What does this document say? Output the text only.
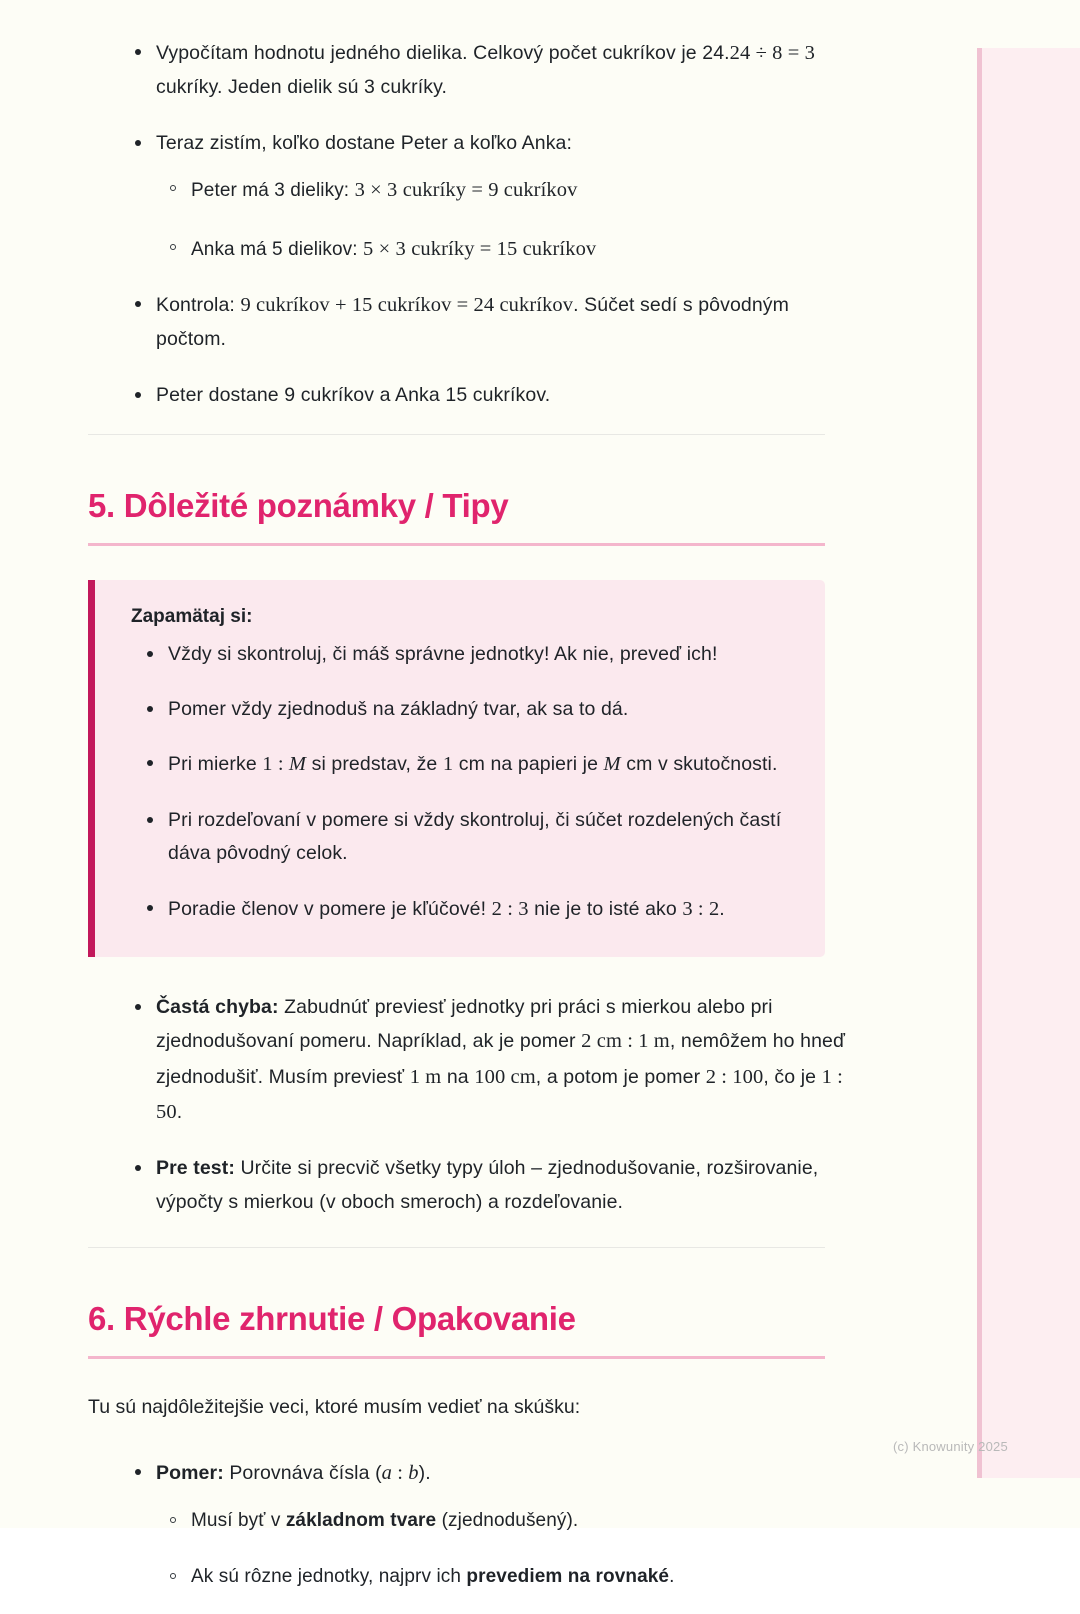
Vypočítam hodnotu jedného dielika. Celkový počet cukríkov je 24.24 ÷ 8 = 3 cukríky. Jeden dielik sú 3 cukríky.
Teraz zistím, koľko dostane Peter a koľko Anka:
Peter má 3 dieliky: 3 × 3 cukríky = 9 cukríkov
Anka má 5 dielikov: 5 × 3 cukríky = 15 cukríkov
Kontrola: 9 cukríkov + 15 cukríkov = 24 cukríkov. Súčet sedí s pôvodným počtom.
Peter dostane 9 cukríkov a Anka 15 cukríkov.
5. Dôležité poznámky / Tipy
Zapamätaj si:
Vždy si skontroluj, či máš správne jednotky! Ak nie, preveď ich!
Pomer vždy zjednoduš na základný tvar, ak sa to dá.
Pri mierke 1 : M si predstav, že 1 cm na papieri je M cm v skutočnosti.
Pri rozdeľovaní v pomere si vždy skontroluj, či súčet rozdelených častí dáva pôvodný celok.
Poradie členov v pomere je kľúčové! 2 : 3 nie je to isté ako 3 : 2.
Častá chyba: Zabudnúť previesť jednotky pri práci s mierkou alebo pri zjednodušovaní pomeru. Napríklad, ak je pomer 2 cm : 1 m, nemôžem ho hneď zjednodušiť. Musím previesť 1 m na 100 cm, a potom je pomer 2 : 100, čo je 1 : 50.
Pre test: Určite si precvič všetky typy úloh – zjednodušovanie, rozširovanie, výpočty s mierkou (v oboch smeroch) a rozdeľovanie.
6. Rýchle zhrnutie / Opakovanie

Tu sú najdôležitejšie veci, ktoré musím vedieť na skúšku:

Pomer: Porovnáva čísla (a : b).
Musí byť v základnom tvare (zjednodušený).
Ak sú rôzne jednotky, najprv ich prevediem na rovnaké.
(c) Knowunity 2025
